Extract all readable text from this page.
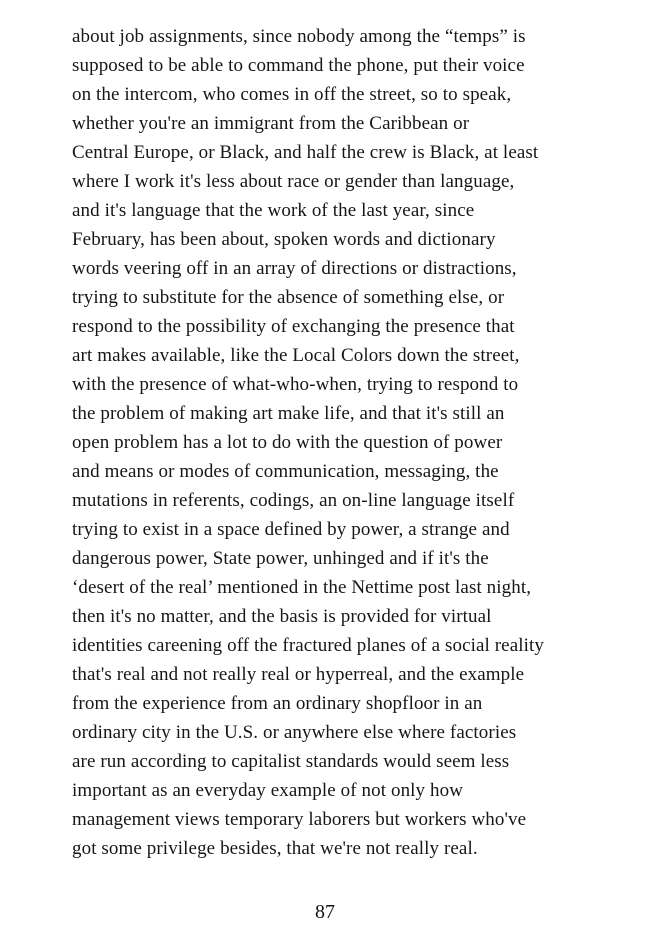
about job assignments, since nobody among the “temps” is
supposed to be able to command the phone, put their voice
on the intercom, who comes in off the street, so to speak,
whether you're an immigrant from the Caribbean or
Central Europe, or Black, and half the crew is Black, at least
where I work it's less about race or gender than language,
and it's language that the work of the last year, since
February, has been about, spoken words and dictionary
words veering off in an array of directions or distractions,
trying to substitute for the absence of something else, or
respond to the possibility of exchanging the presence that
art makes available, like the Local Colors down the street,
with the presence of what-who-when, trying to respond to
the problem of making art make life, and that it's still an
open problem has a lot to do with the question of power
and means or modes of communication, messaging, the
mutations in referents, codings, an on-line language itself
trying to exist in a space defined by power, a strange and
dangerous power, State power, unhinged and if it's the
‘desert of the real’ mentioned in the Nettime post last night,
then it's no matter, and the basis is provided for virtual
identities careening off the fractured planes of a social reality
that's real and not really real or hyperreal, and the example
from the experience from an ordinary shopfloor in an
ordinary city in the U.S. or anywhere else where factories
are run according to capitalist standards would seem less
important as an everyday example of not only how
management views temporary laborers but workers who've
got some privilege besides, that we're not really real.
87
